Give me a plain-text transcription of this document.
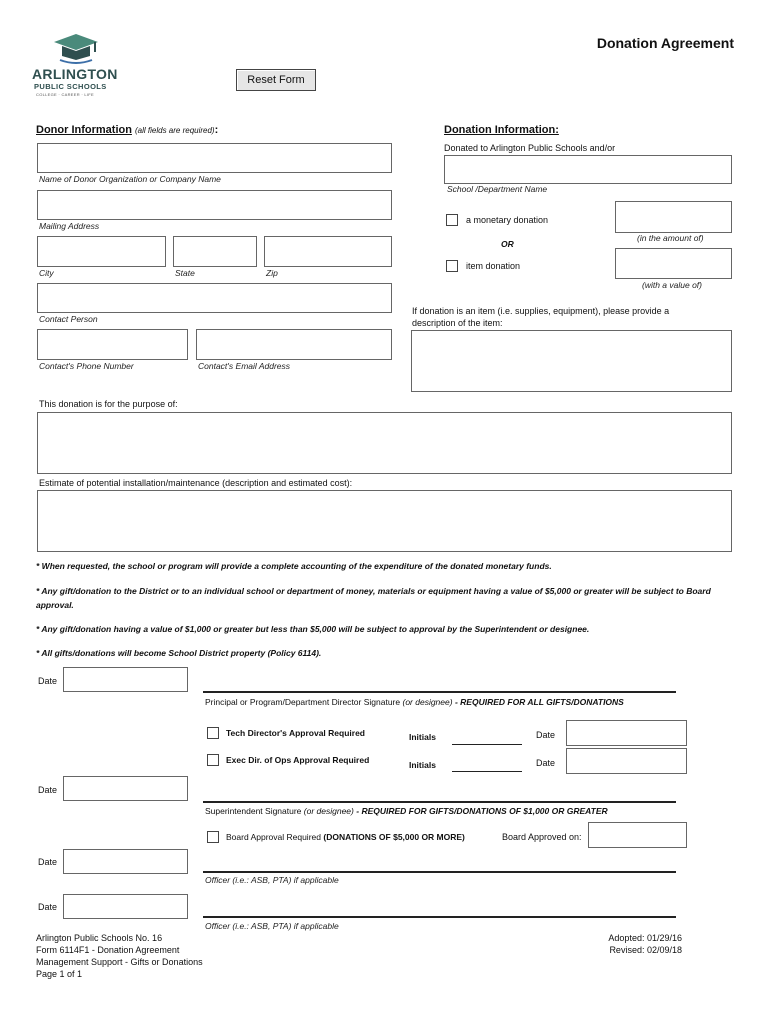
ARLINGTON
PUBLIC SCHOOLS
COLLEGE · CAREER · LIFE
Donation Agreement
Reset Form
Donor Information (all fields are required):
Name of Donor Organization or Company Name
Mailing Address
City	State	Zip
Contact Person
Contact's Phone Number	Contact's Email Address
Donation Information:
Donated to Arlington Public Schools and/or
School /Department Name
a monetary donation
OR
(in the amount of)
item donation
(with a value of)
If donation is an item (i.e. supplies, equipment), please provide a
description of the item:
This donation is for the purpose of:
Estimate of potential installation/maintenance (description and estimated cost):
* When requested, the school or program will provide a complete accounting of the expenditure of the donated monetary funds.
* Any gift/donation to the District or to an individual school or department of money, materials or equipment having a value of $5,000 or greater will be subject to Board approval.
* Any gift/donation having a value of $1,000 or greater but less than $5,000 will be subject to approval by the Superintendent or designee.
* All gifts/donations will become School District property (Policy 6114).
Date
Principal or Program/Department Director Signature (or designee) - REQUIRED FOR ALL GIFTS/DONATIONS
Tech Director's Approval Required	Initials	Date
Exec Dir. of Ops Approval Required	Initials	Date
Date
Superintendent Signature (or designee) - REQUIRED FOR GIFTS/DONATIONS OF $1,000 OR GREATER
Board Approval Required (DONATIONS OF $5,000 OR MORE)	Board Approved on:
Date
Officer (i.e.: ASB, PTA) if applicable
Date
Officer (i.e.: ASB, PTA) if applicable
Arlington Public Schools No. 16
Form 6114F1 - Donation Agreement
Management Support - Gifts or Donations
Page 1 of 1
Adopted: 01/29/16
Revised: 02/09/18
